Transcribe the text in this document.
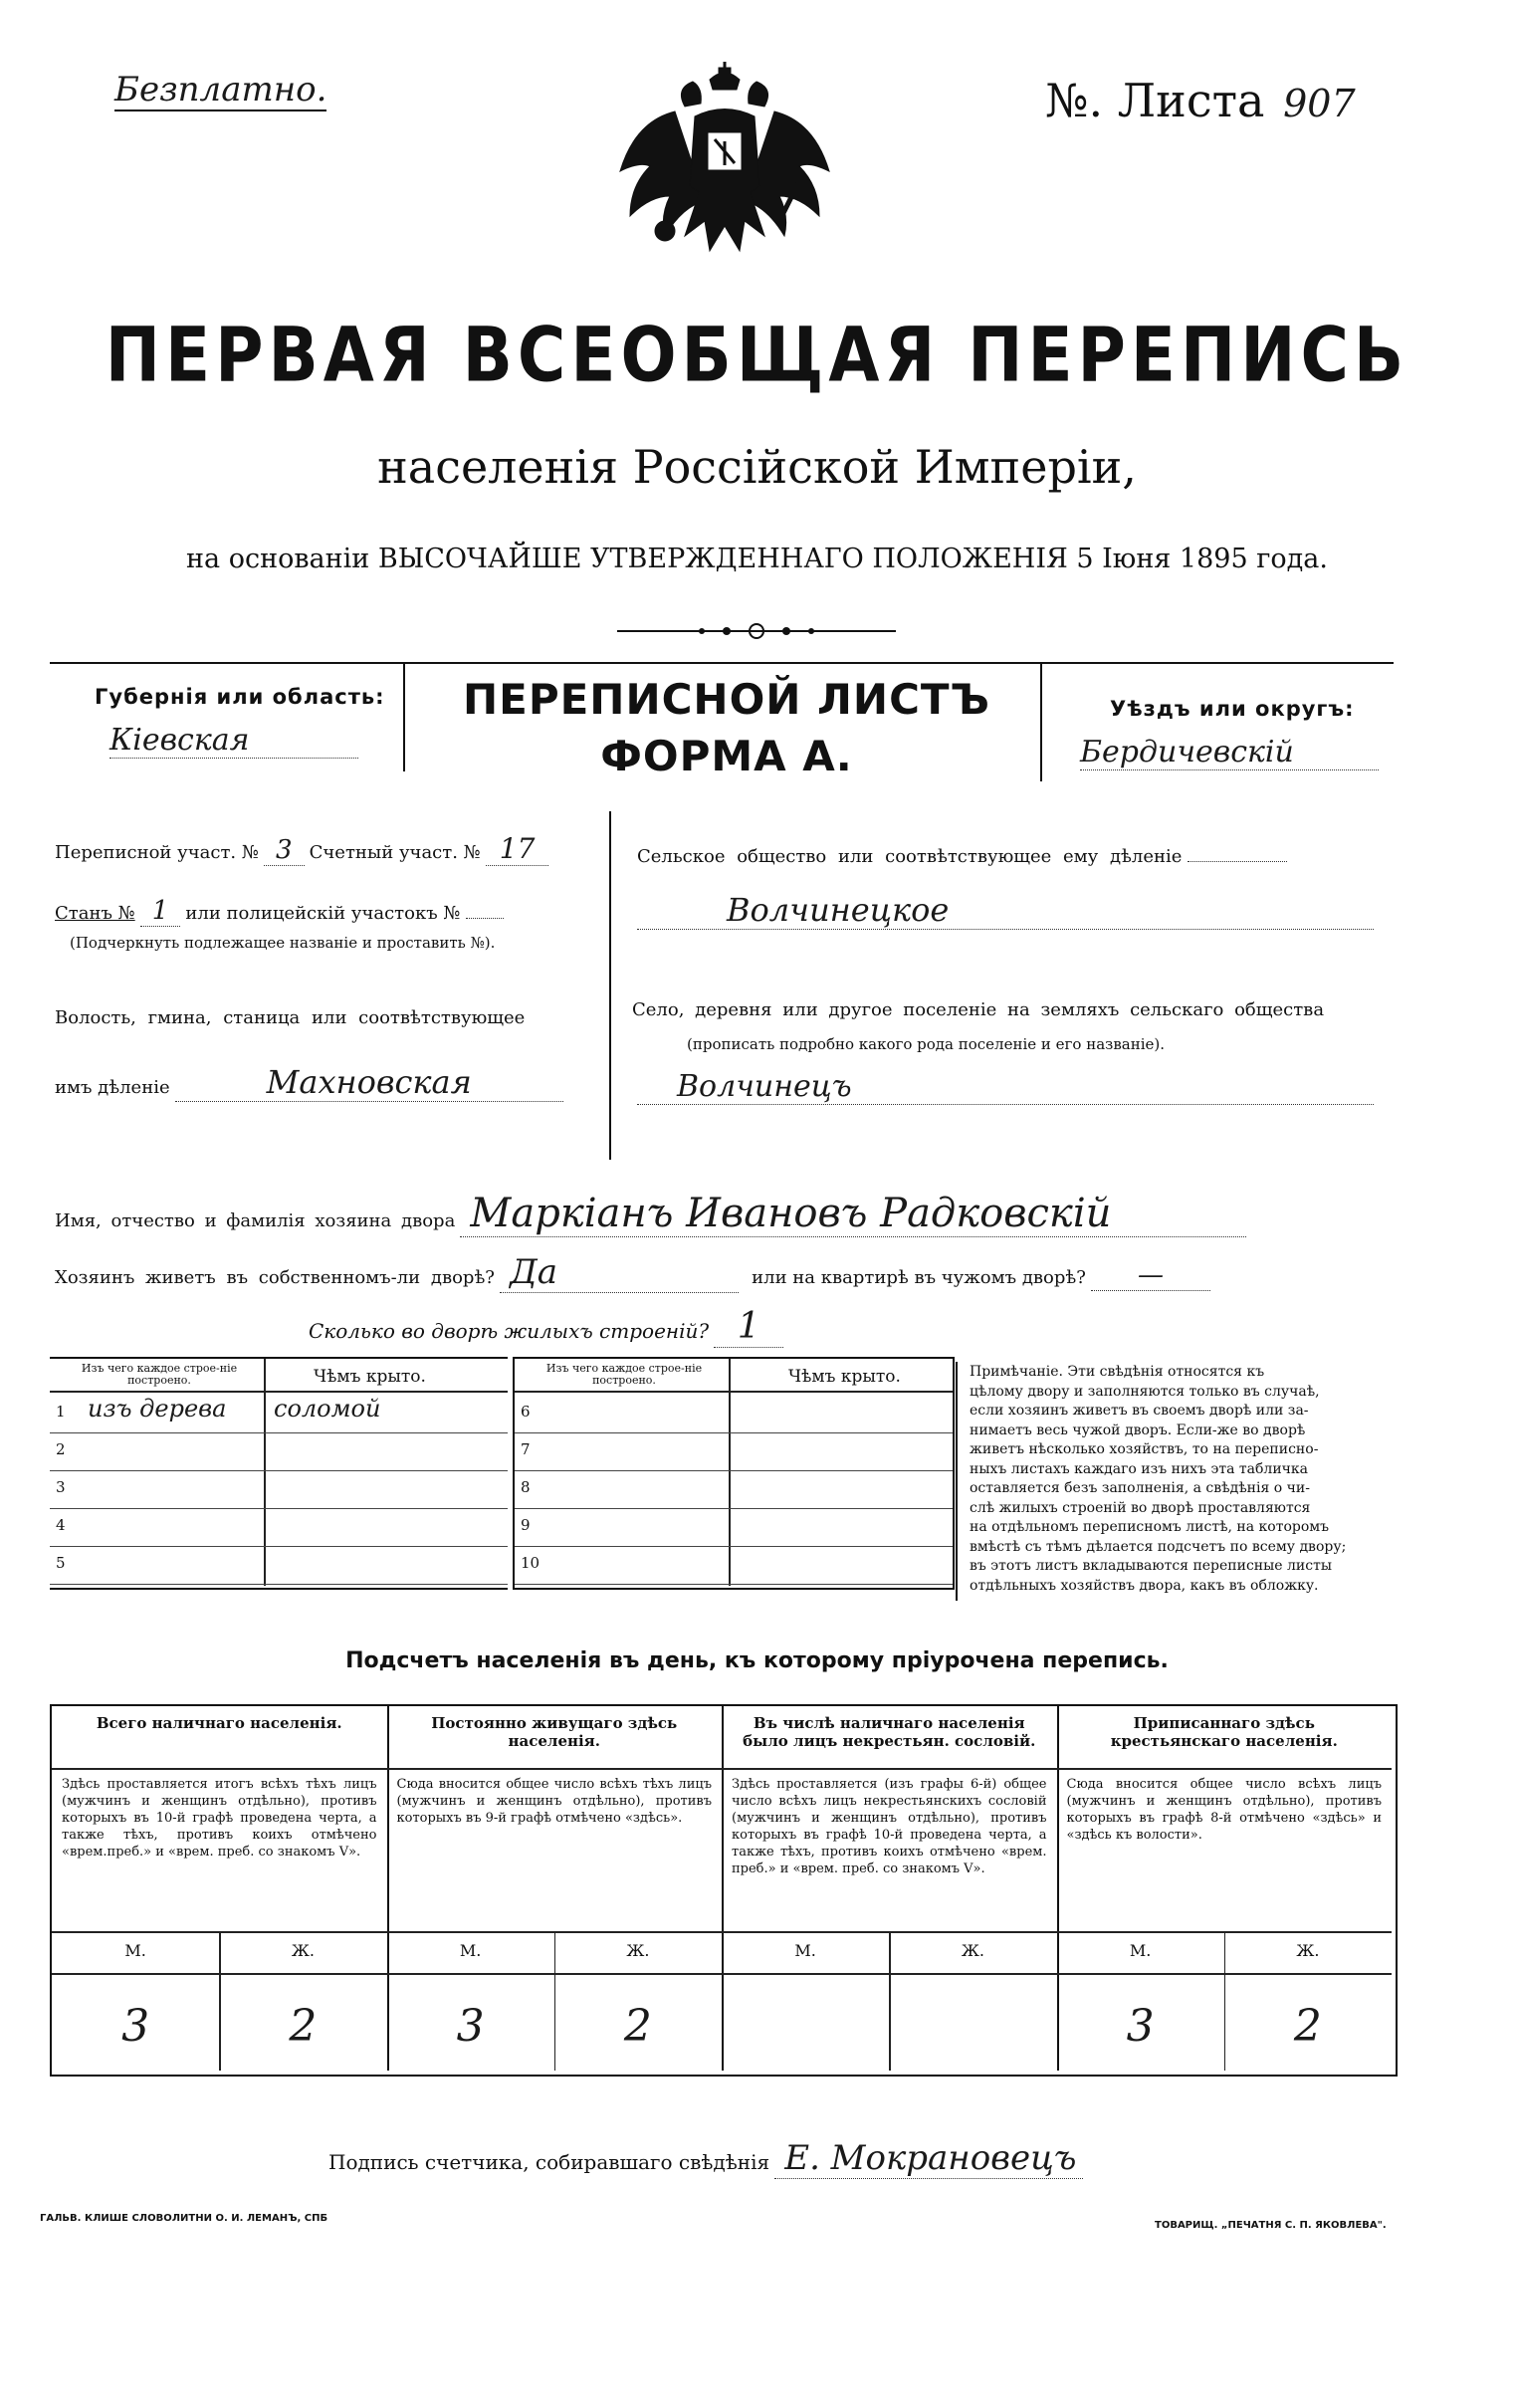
Безплатно.	№. Листа 907
ПЕРВАЯ ВСЕОБЩАЯ ПЕРЕПИСЬ
населенія Россійской Имперіи,
на основаніи ВЫСОЧАЙШЕ УТВЕРЖДЕННАГО ПОЛОЖЕНІЯ 5 Іюня 1895 года.
Губернія или область:
Кіевская
ПЕРЕПИСНОЙ ЛИСТЪ
ФОРМА А.
Уѣздъ или округъ:
Бердичевскій
Переписной участ. № 3 Счетный участ. № 17
Станъ № 1 или полицейскій участокъ №
(Подчеркнуть подлежащее названіе и проставить №).
Волость, гмина, станица или соотвѣтствующее
имъ дѣленіе	Махновская
Сельское общество или соотвѣтствующее ему дѣленіе
Волчинецкое
Село, деревня или другое поселеніе на земляхъ сельскаго общества
(прописать подробно какого рода поселеніе и его названіе).
Волчинецъ
Имя, отчество и фамилія хозяина двора Маркіанъ Ивановъ Радковскій
Хозяинъ живетъ въ собственномъ-ли дворѣ? Да	или на квартирѣ въ чужомъ дворѣ? —
Сколько во дворѣ жилыхъ строеній? 1
Изъ чего каждое строе-ніе построено.	Чѣмъ крыто.
1 изъ дерева соломой
2
3
4
5
Изъ чего каждое строе-ніе построено.	Чѣмъ крыто.
6
7
8
9
10
Примѣчаніе. Эти свѣдѣнія относятся къ
цѣлому двору и заполняются только въ случаѣ,
если хозяинъ живетъ въ своемъ дворѣ или за-
нимаетъ весь чужой дворъ. Если-же во дворѣ
живетъ нѣсколько хозяйствъ, то на переписно-
ныхъ листахъ каждаго изъ нихъ эта табличка
оставляется безъ заполненія, а свѣдѣнія о чи-
слѣ жилыхъ строеній во дворѣ проставляются
на отдѣльномъ переписномъ листѣ, на которомъ
вмѣстѣ съ тѣмъ дѣлается подсчетъ по всему двору;
въ этотъ листъ вкладываются переписные листы
отдѣльныхъ хозяйствъ двора, какъ въ обложку.
Подсчетъ населенія въ день, къ которому пріурочена перепись.
Всего наличнаго населенія.
Здѣсь проставляется итогъ всѣхъ тѣхъ лицъ (мужчинъ и женщинъ отдѣльно), противъ которыхъ въ 10-й графѣ проведена черта, а также тѣхъ, противъ коихъ отмѣчено «врем.преб.» и «врем. преб. со знакомъ V».
М.	Ж.
3	2
Постоянно живущаго здѣсь населенія.
Сюда вносится общее число всѣхъ тѣхъ лицъ (мужчинъ и женщинъ отдѣльно), противъ которыхъ въ 9-й графѣ отмѣчено «здѣсь».
М.	Ж.
3	2
Въ числѣ наличнаго населенія было лицъ некрестьян. сословій.
Здѣсь проставляется (изъ графы 6-й) общее число всѣхъ лицъ некрестьянскихъ сословій (мужчинъ и женщинъ отдѣльно), противъ которыхъ въ графѣ 10-й проведена черта, а также тѣхъ, противъ коихъ отмѣчено «врем. преб.» и «врем. преб. со знакомъ V».
М.	Ж.
Приписаннаго здѣсь крестьянскаго населенія.
Сюда вносится общее число всѣхъ лицъ (мужчинъ и женщинъ отдѣльно), противъ которыхъ въ графѣ 8-й отмѣчено «здѣсь» и «здѣсь къ волости».
М.	Ж.
3	2
Подпись счетчика, собиравшаго свѣдѣнія Е. Мокрановецъ
ГАЛЬВ. КЛИШЕ СЛОВОЛИТНИ О. И. ЛЕМАНЪ, СПБ
ТОВАРИЩ. „ПЕЧАТНЯ С. П. ЯКОВЛЕВА".
